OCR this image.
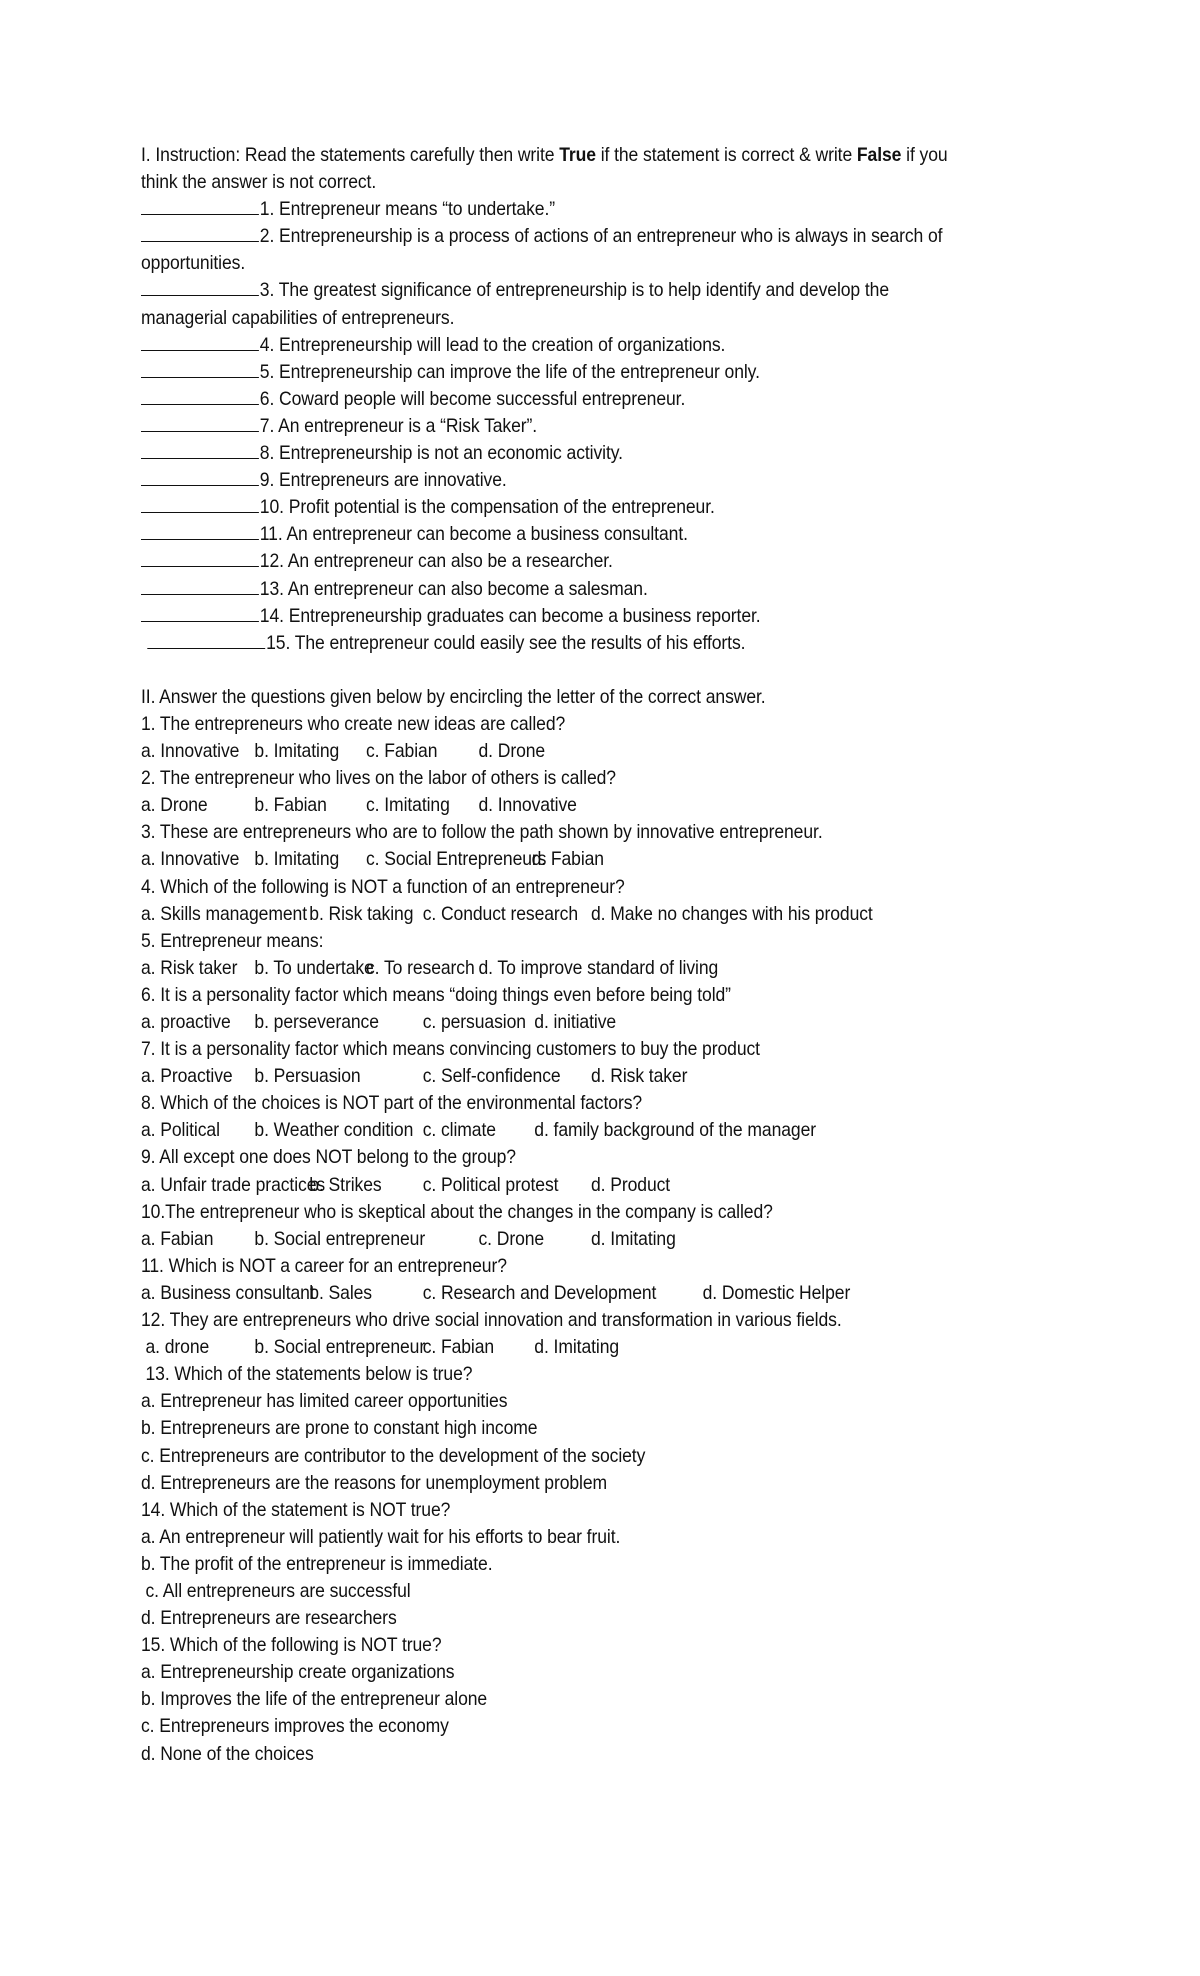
I. Instruction: Read the statements carefully then write True if the statement is correct & write False if you
think the answer is not correct.
1. Entrepreneur means “to undertake.”
2. Entrepreneurship is a process of actions of an entrepreneur who is always in search of
opportunities.
3. The greatest significance of entrepreneurship is to help identify and develop the
managerial capabilities of entrepreneurs.
4. Entrepreneurship will lead to the creation of organizations.
5. Entrepreneurship can improve the life of the entrepreneur only.
6. Coward people will become successful entrepreneur.
7. An entrepreneur is a “Risk Taker”.
8. Entrepreneurship is not an economic activity.
9. Entrepreneurs are innovative.
10. Profit potential is the compensation of the entrepreneur.
11. An entrepreneur can become a business consultant.
12. An entrepreneur can also be a researcher.
13. An entrepreneur can also become a salesman.
14. Entrepreneurship graduates can become a business reporter.
15. The entrepreneur could easily see the results of his efforts.
II. Answer the questions given below by encircling the letter of the correct answer.
1. The entrepreneurs who create new ideas are called?
a. Innovative b. Imitating c. Fabian d. Drone
2. The entrepreneur who lives on the labor of others is called?
a. Drone b. Fabian c. Imitating d. Innovative
3. These are entrepreneurs who are to follow the path shown by innovative entrepreneur.
a. Innovative b. Imitating c. Social Entrepreneurs
d. Fabian
4. Which of the following is NOT a function of an entrepreneur?
a. Skills management b. Risk taking c. Conduct research d. Make no changes with his product
5. Entrepreneur means:
a. Risk taker b. To undertake
c. To research d. To improve standard of living
6. It is a personality factor which means “doing things even before being told”
a. proactive b. perseverance c. persuasion d. initiative
7. It is a personality factor which means convincing customers to buy the product
a. Proactive b. Persuasion	c. Self-confidence d. Risk taker
8. Which of the choices is NOT part of the environmental factors?
a. Political b. Weather condition c. climate d. family background of the manager
9. All except one does NOT belong to the group?
a. Unfair trade practices
b. Strikes c. Political protest d. Product
10.The entrepreneur who is skeptical about the changes in the company is called?
a. Fabian b. Social entrepreneur	c. Drone d. Imitating
11. Which is NOT a career for an entrepreneur?
a. Business consultant
b. Sales	c. Research and Development d. Domestic Helper
12. They are entrepreneurs who drive social innovation and transformation in various fields.
a. drone b. Social entrepreneur
c. Fabian d. Imitating
13. Which of the statements below is true?
a. Entrepreneur has limited career opportunities
b. Entrepreneurs are prone to constant high income
c. Entrepreneurs are contributor to the development of the society
d. Entrepreneurs are the reasons for unemployment problem
14. Which of the statement is NOT true?
a. An entrepreneur will patiently wait for his efforts to bear fruit.
b. The profit of the entrepreneur is immediate.
c. All entrepreneurs are successful
d. Entrepreneurs are researchers
15. Which of the following is NOT true?
a. Entrepreneurship create organizations
b. Improves the life of the entrepreneur alone
c. Entrepreneurs improves the economy
d. None of the choices
